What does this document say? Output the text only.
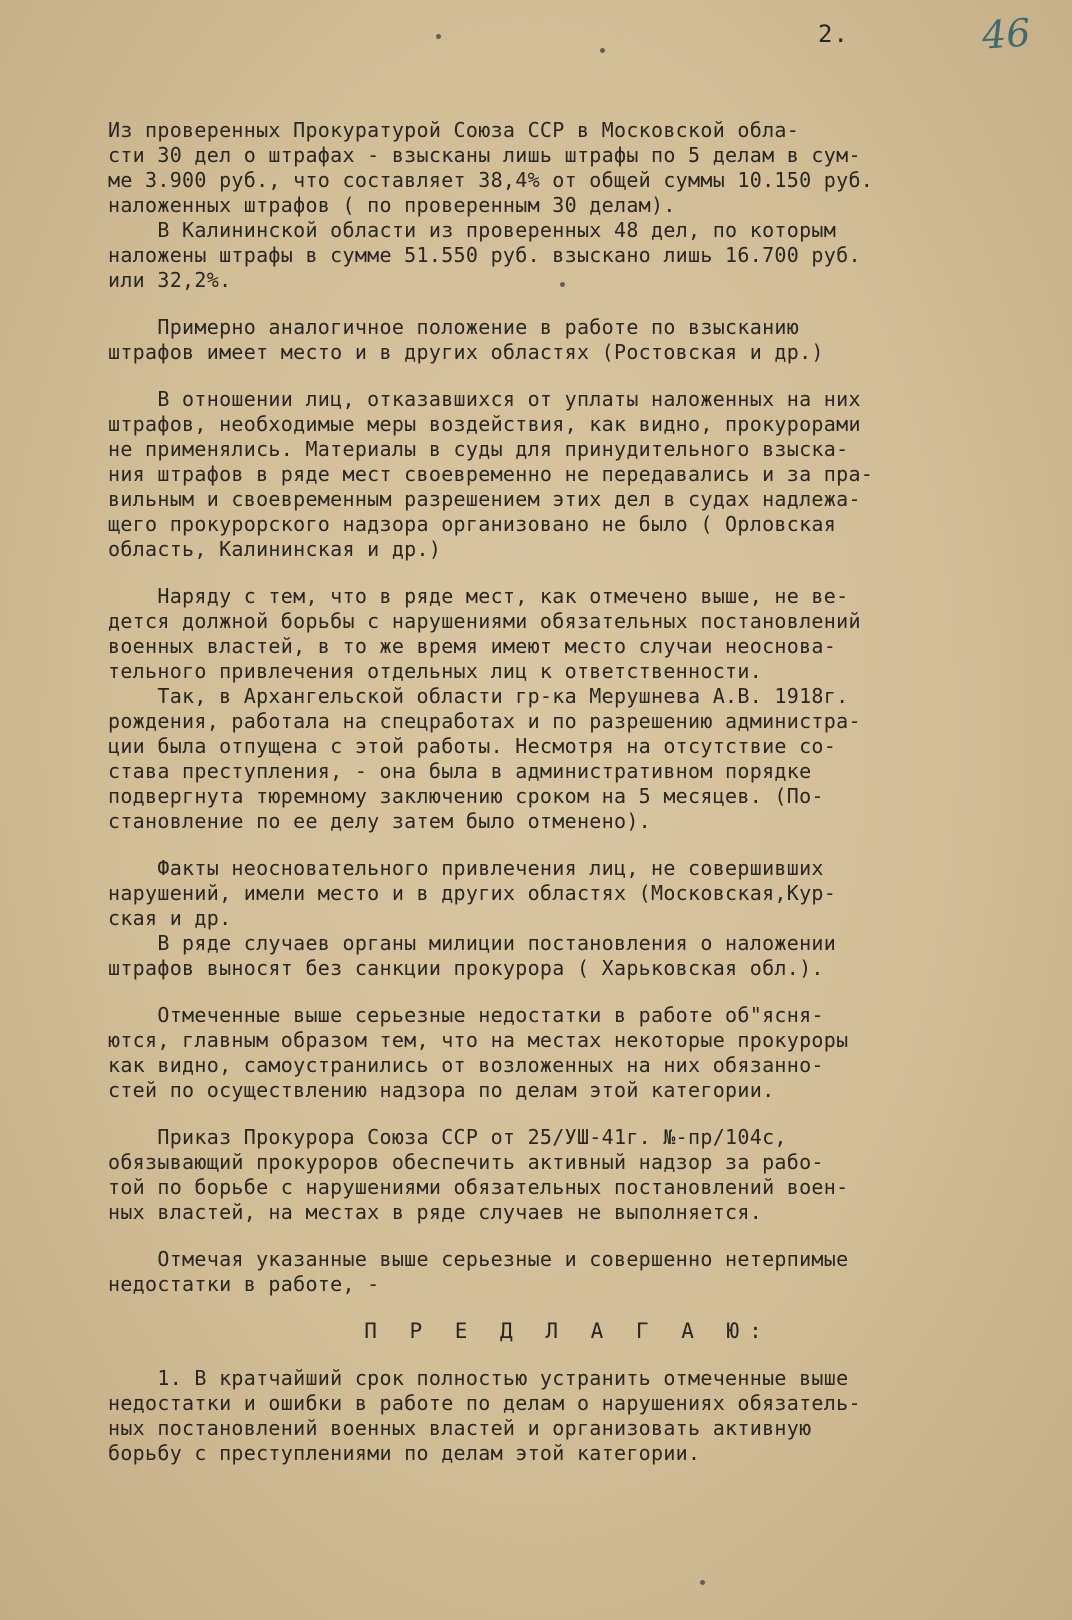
2.	46

Из проверенных Прокуратурой Союза ССР в Московской обла-

сти 30 дел о штрафах - взысканы лишь штрафы по 5 делам в сум-

ме 3.900 руб., что составляет 38,4% от общей суммы 10.150 руб.

наложенных штрафов ( по проверенным 30 делам).

В Калининской области из проверенных 48 дел, по которым

наложены штрафы в сумме 51.550 руб. взыскано лишь 16.700 руб.

или 32,2%.

Примерно аналогичное положение в работе по взысканию

штрафов имеет место и в других областях (Ростовская и др.)

В отношении лиц, отказавшихся от уплаты наложенных на них

штрафов, необходимые меры воздействия, как видно, прокурорами

не применялись. Материалы в суды для принудительного взыска-

ния штрафов в ряде мест своевременно не передавались и за пра-

вильным и своевременным разрешением этих дел в судах надлежа-

щего прокурорского надзора организовано не было ( Орловская

область, Калининская и др.)

Наряду с тем, что в ряде мест, как отмечено выше, не ве-

дется должной борьбы с нарушениями обязательных постановлений

военных властей, в то же время имеют место случаи неоснова-

тельного привлечения отдельных лиц к ответственности.

Так, в Архангельской области гр-ка Мерушнева А.В. 1918г.

рождения, работала на спецработах и по разрешению администра-

ции была отпущена с этой работы. Несмотря на отсутствие со-

става преступления, - она была в административном порядке

подвергнута тюремному заключению сроком на 5 месяцев. (По-

становление по ее делу затем было отменено).

Факты неосновательного привлечения лиц, не совершивших

нарушений, имели место и в других областях (Московская,Кур-

ская и др.

В ряде случаев органы милиции постановления о наложении

штрафов выносят без санкции прокурора ( Харьковская обл.).

Отмеченные выше серьезные недостатки в работе об"ясня-

ются, главным образом тем, что на местах некоторые прокуроры

как видно, самоустранились от возложенных на них обязанно-

стей по осуществлению надзора по делам этой категории.

Приказ Прокурора Союза ССР от 25/УШ-41г. №-пр/104с,

обязывающий прокуроров обеспечить активный надзор за рабо-

той по борьбе с нарушениями обязательных постановлений воен-

ных властей, на местах в ряде случаев не выполняется.

Отмечая указанные выше серьезные и совершенно нетерпимые

недостатки в работе, -

П Р Е Д Л А Г А Ю:

1. В кратчайший срок полностью устранить отмеченные выше

недостатки и ошибки в работе по делам о нарушениях обязатель-

ных постановлений военных властей и организовать активную

борьбу с преступлениями по делам этой категории.
